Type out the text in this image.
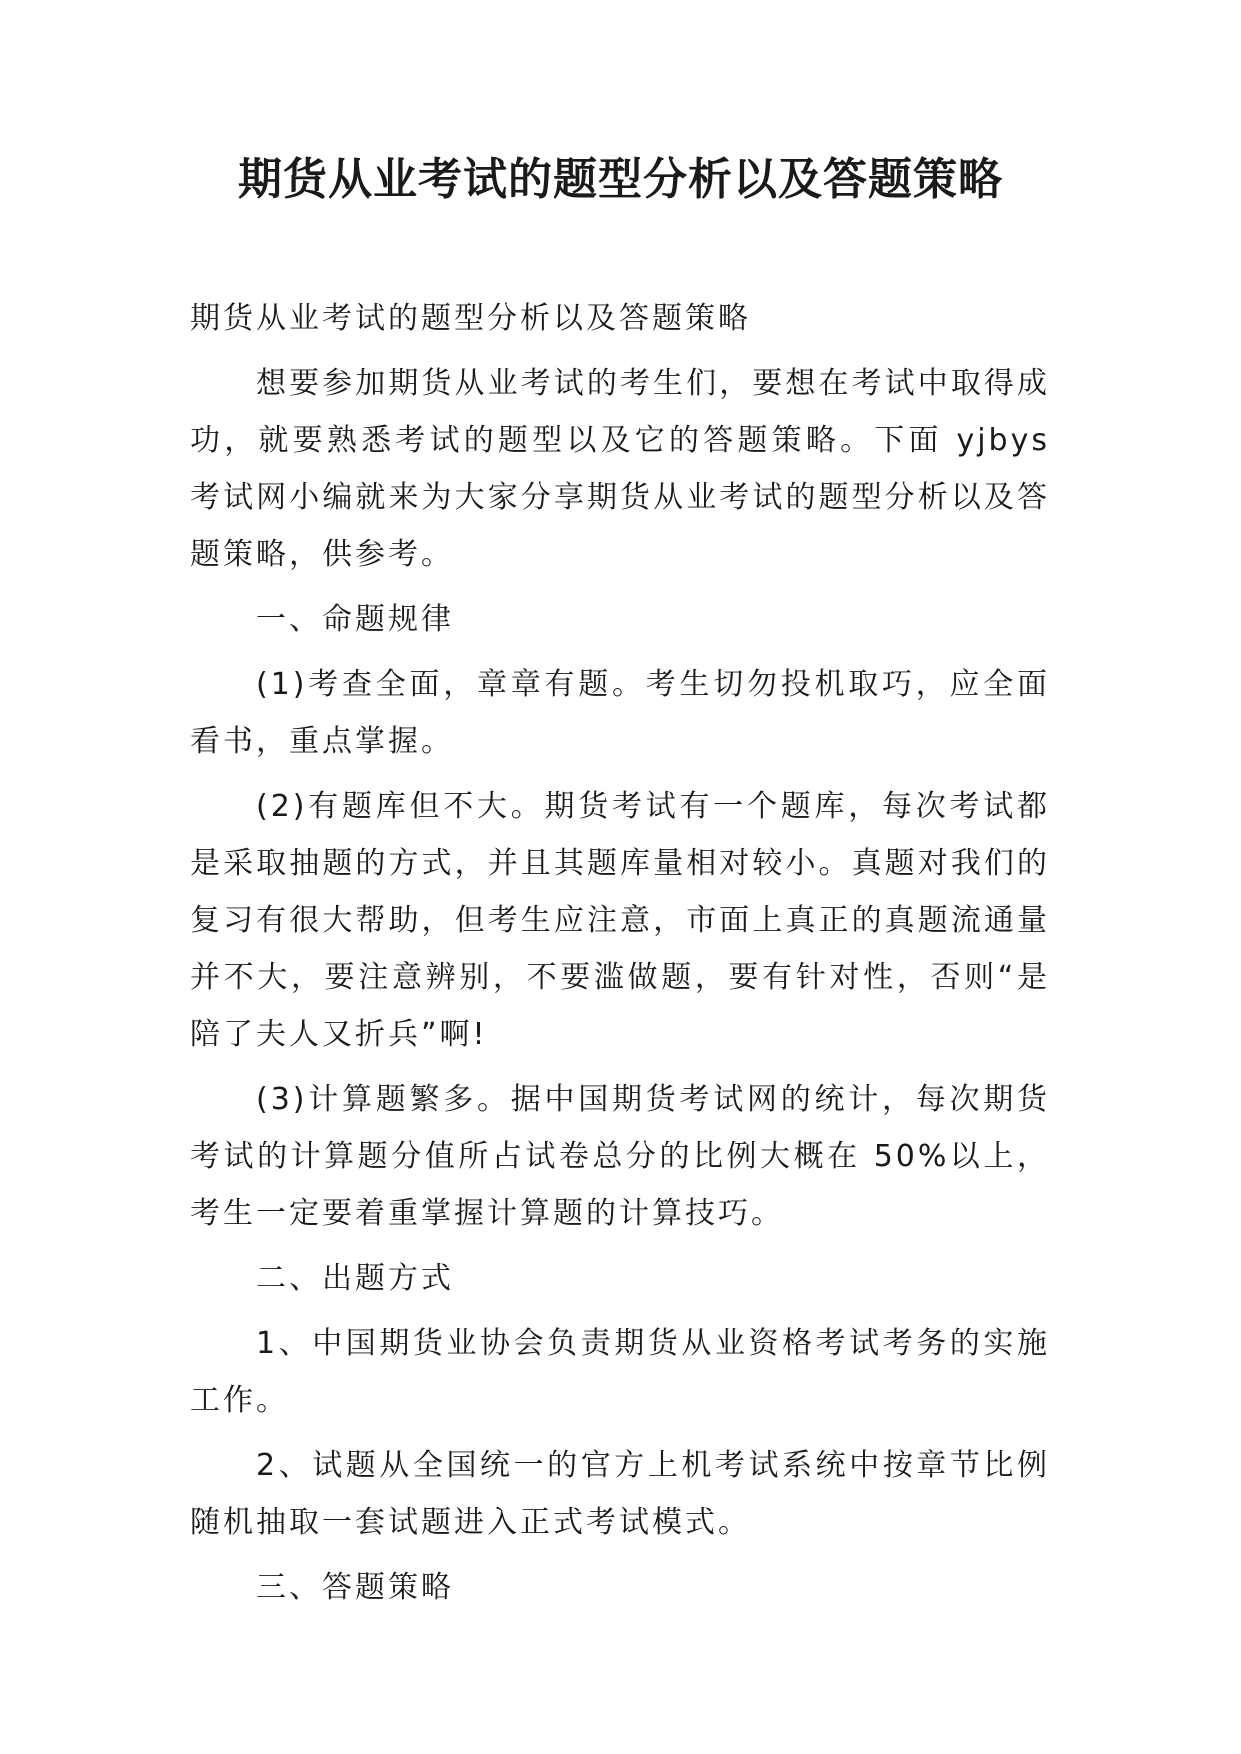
期货从业考试的题型分析以及答题策略

期货从业考试的题型分析以及答题策略

想要参加期货从业考试的考生们，要想在考试中取得成功，就要熟悉考试的题型以及它的答题策略。下面 yjbys 考试网小编就来为大家分享期货从业考试的题型分析以及答题策略，供参考。

一、命题规律

(1)考查全面，章章有题。考生切勿投机取巧，应全面看书，重点掌握。

(2)有题库但不大。期货考试有一个题库，每次考试都是采取抽题的方式，并且其题库量相对较小。真题对我们的复习有很大帮助，但考生应注意，市面上真正的真题流通量并不大，要注意辨别，不要滥做题，要有针对性，否则“是陪了夫人又折兵”啊!

(3)计算题繁多。据中国期货考试网的统计，每次期货考试的计算题分值所占试卷总分的比例大概在 50%以上，考生一定要着重掌握计算题的计算技巧。

二、出题方式

1、中国期货业协会负责期货从业资格考试考务的实施工作。

2、试题从全国统一的官方上机考试系统中按章节比例随机抽取一套试题进入正式考试模式。

三、答题策略
